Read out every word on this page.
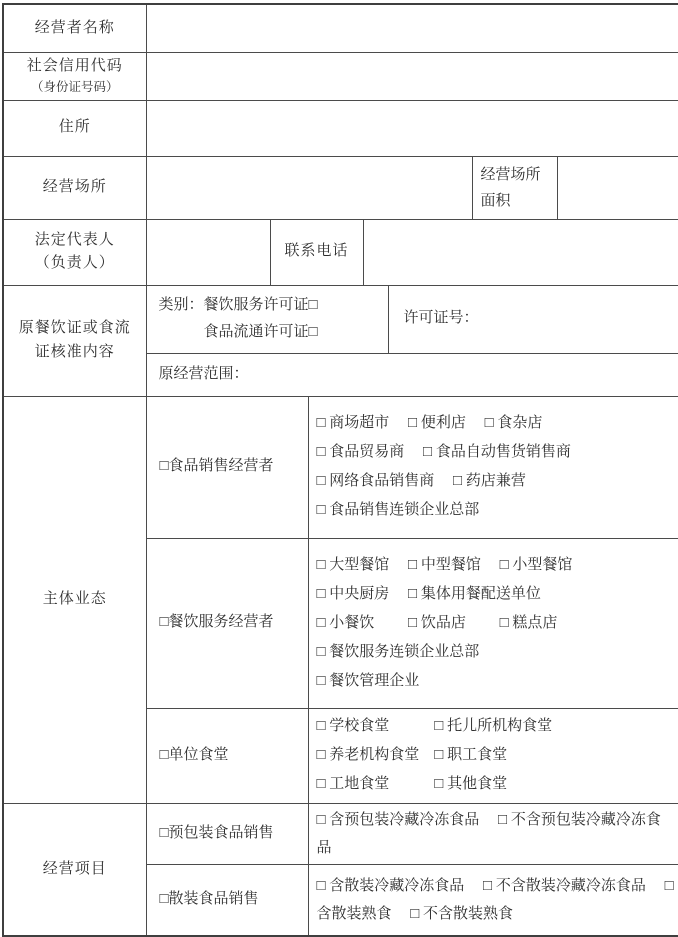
经营者名称							

社会信用代码
（身份证号码）							

住所							
经营场所						经营场所
面积	

法定代表人
（负责人）		联系电话					

原餐饮证或食流
证核准内容

类别：餐饮服务许可证□
食品流通许可证□
	许可证号：
	原经营范围：						
主体业态	□食品销售经营者		□ 商场超市　 □ 便利店　 □ 食杂店
□ 食品贸易商　 □ 食品自动售货销售商
□ 网络食品销售商　 □ 药店兼营
□ 食品销售连锁企业总部				

	□餐饮服务经营者		□ 大型餐馆　 □ 中型餐馆　 □ 小型餐馆
□ 中央厨房　 □ 集体用餐配送单位
□ 小餐饮　　 □ 饮品店　　 □ 糕点店
□ 餐饮服务连锁企业总部
□ 餐饮管理企业				

	□单位食堂		□ 学校食堂　　　□ 托儿所机构食堂
□ 养老机构食堂　□ 职工食堂
□ 工地食堂　　　□ 其他食堂				

经营项目	□预包装食品销售		□ 含预包装冷藏冷冻食品　 □ 不含预包装冷藏冷冻食品				

	□散装食品销售		□ 含散装冷藏冷冻食品　 □ 不含散装冷藏冷冻食品 　□ 含散装熟食　 □ 不含散装熟食				
